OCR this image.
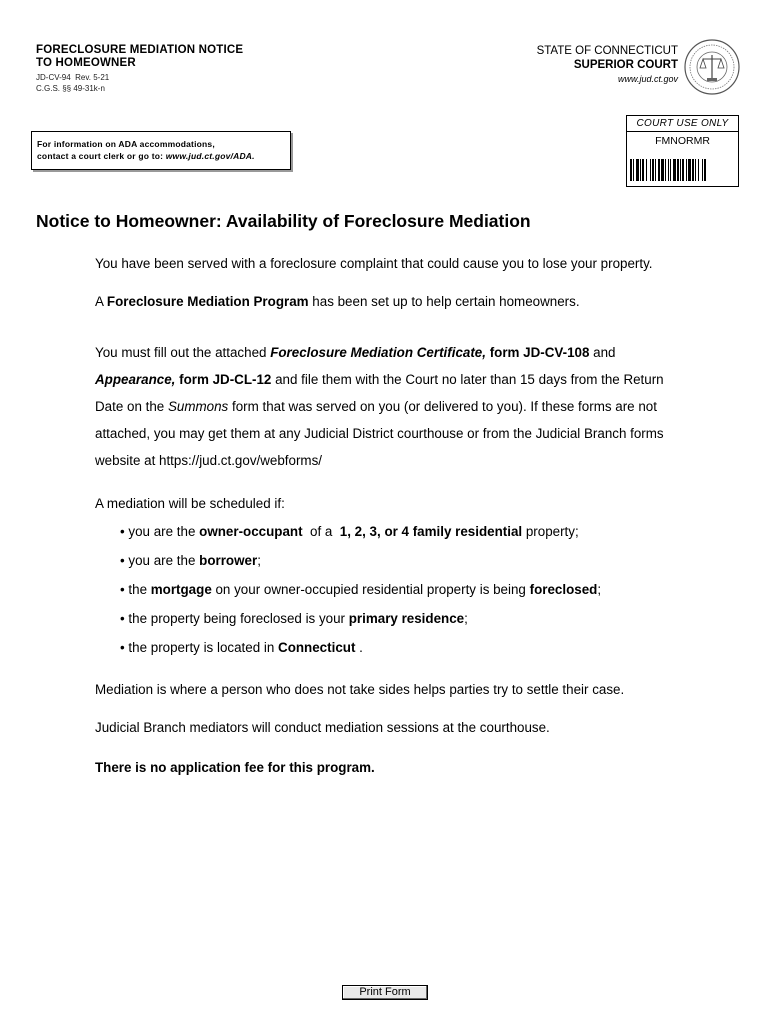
FORECLOSURE MEDIATION NOTICE
TO HOMEOWNER
JD-CV-94  Rev. 5-21
C.G.S. §§ 49-31k-n
STATE OF CONNECTICUT
SUPERIOR COURT
www.jud.ct.gov
For information on ADA accommodations,
contact a court clerk or go to: www.jud.ct.gov/ADA.
COURT USE ONLY
FMNORMR
Notice to Homeowner: Availability of Foreclosure Mediation
You have been served with a foreclosure complaint that could cause you to lose your property.
A Foreclosure Mediation Program has been set up to help certain homeowners.
You must fill out the attached Foreclosure Mediation Certificate, form JD-CV-108 and
Appearance, form JD-CL-12 and file them with the Court no later than 15 days from the Return
Date on the Summons form that was served on you (or delivered to you). If these forms are not
attached, you may get them at any Judicial District courthouse or from the Judicial Branch forms
website at https://jud.ct.gov/webforms/
A mediation will be scheduled if:
• you are the owner-occupant  of a  1, 2, 3, or 4 family residential property;
• you are the borrower;
• the mortgage on your owner-occupied residential property is being foreclosed;
• the property being foreclosed is your primary residence;
• the property is located in Connecticut .
Mediation is where a person who does not take sides helps parties try to settle their case.
Judicial Branch mediators will conduct mediation sessions at the courthouse.
There is no application fee for this program.
Print Form
